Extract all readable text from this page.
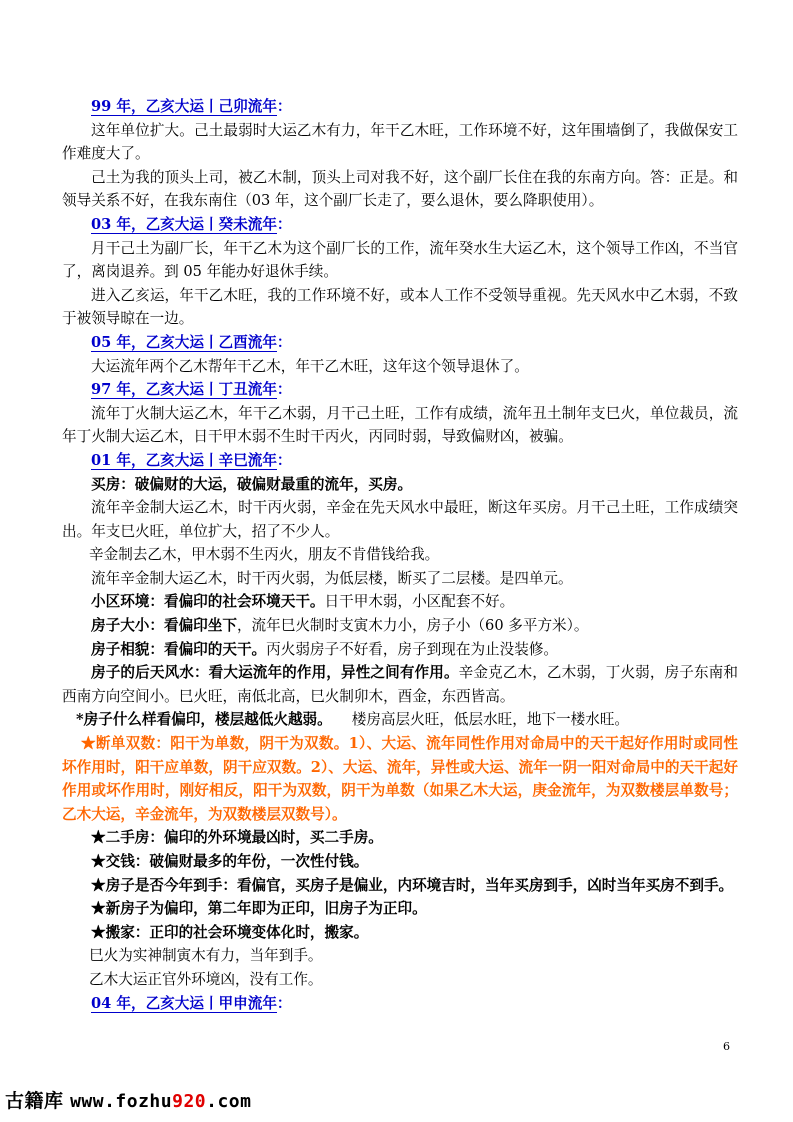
99 年，乙亥大运丨己卯流年：

这年单位扩大。己土最弱时大运乙木有力，年干乙木旺，工作环境不好，这年围墙倒了，我做保安工作难度大了。

己土为我的顶头上司，被乙木制，顶头上司对我不好，这个副厂长住在我的东南方向。答：正是。和领导关系不好，在我东南住（03 年，这个副厂长走了，要么退休，要么降职使用）。

03 年，乙亥大运丨癸未流年：

月干己土为副厂长，年干乙木为这个副厂长的工作，流年癸水生大运乙木，这个领导工作凶，不当官了，离岗退养。到 05 年能办好退休手续。

进入乙亥运，年干乙木旺，我的工作环境不好，或本人工作不受领导重视。先天风水中乙木弱，不致于被领导晾在一边。

05 年，乙亥大运丨乙酉流年：

大运流年两个乙木帮年干乙木，年干乙木旺，这年这个领导退休了。

97 年，乙亥大运丨丁丑流年：

流年丁火制大运乙木，年干乙木弱，月干己土旺，工作有成绩，流年丑土制年支巳火，单位裁员，流年丁火制大运乙木，日干甲木弱不生时干丙火，丙同时弱，导致偏财凶，被骗。

01 年，乙亥大运丨辛巳流年：

买房：破偏财的大运，破偏财最重的流年，买房。

流年辛金制大运乙木，时干丙火弱，辛金在先天风水中最旺，断这年买房。月干己土旺，工作成绩突出。年支巳火旺，单位扩大，招了不少人。

辛金制去乙木，甲木弱不生丙火，朋友不肯借钱给我。

流年辛金制大运乙木，时干丙火弱，为低层楼，断买了二层楼。是四单元。

小区环境：看偏印的社会环境天干。日干甲木弱，小区配套不好。

房子大小：看偏印坐下，流年巳火制时支寅木力小，房子小（60 多平方米）。

房子相貌：看偏印的天干。丙火弱房子不好看，房子到现在为止没装修。

房子的后天风水：看大运流年的作用，异性之间有作用。辛金克乙木，乙木弱，丁火弱，房子东南和西南方向空间小。巳火旺，南低北高，巳火制卯木，酉金，东西皆高。

*房子什么样看偏印，楼层越低火越弱。 楼房高层火旺，低层水旺，地下一楼水旺。

★断单双数：阳干为单数，阴干为双数。1）、大运、流年同性作用对命局中的天干起好作用时或同性坏作用时，阳干应单数，阴干应双数。2）、大运、流年，异性或大运、流年一阴一阳对命局中的天干起好作用或坏作用时，刚好相反，阳干为双数，阴干为单数（如果乙木大运，庚金流年，为双数楼层单数号；乙木大运，辛金流年，为双数楼层双数号）。

★二手房：偏印的外环境最凶时，买二手房。

★交钱：破偏财最多的年份，一次性付钱。

★房子是否今年到手：看偏官，买房子是偏业，内环境吉时，当年买房到手，凶时当年买房不到手。

★新房子为偏印，第二年即为正印，旧房子为正印。

★搬家：正印的社会环境变体化时，搬家。

巳火为实神制寅木有力，当年到手。

乙木大运正官外环境凶，没有工作。

04 年，乙亥大运丨甲申流年：

6
古籍库 www.fozhu920.com
